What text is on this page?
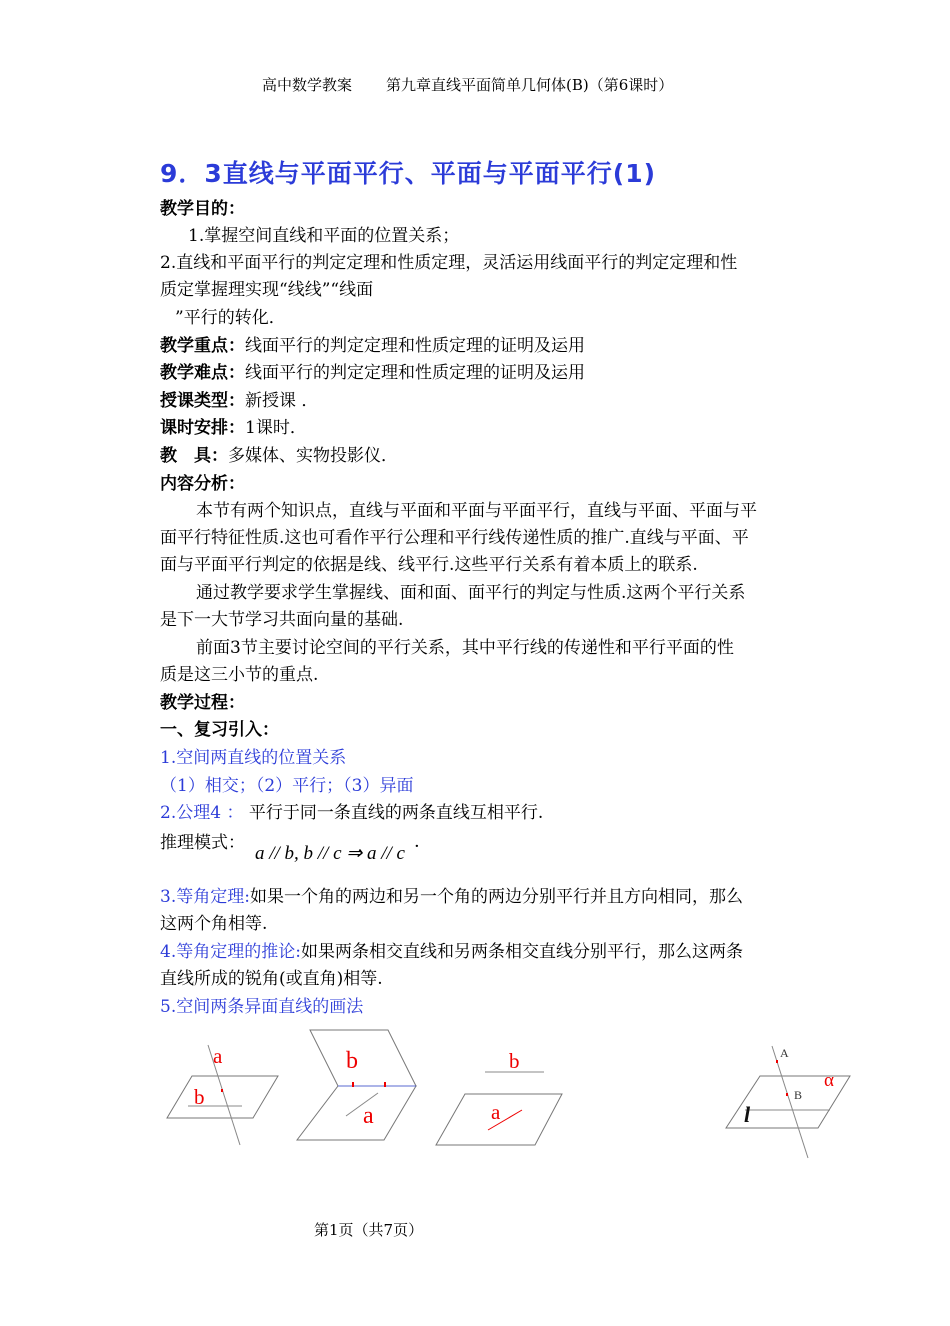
高中数学教案 第九章直线平面简单几何体(B)（第6课时）
9．3直线与平面平行、平面与平面平行(1)
教学目的：
1.掌握空间直线和平面的位置关系；
2.直线和平面平行的判定定理和性质定理，灵活运用线面平行的判定定理和性
质定掌握理实现“线线”“线面
”平行的转化．
教学重点：线面平行的判定定理和性质定理的证明及运用
教学难点：线面平行的判定定理和性质定理的证明及运用
授课类型：新授课 ．
课时安排：1课时．
教　具：多媒体、实物投影仪．
内容分析：
本节有两个知识点，直线与平面和平面与平面平行，直线与平面、平面与平
面平行特征性质.这也可看作平行公理和平行线传递性质的推广.直线与平面、平
面与平面平行判定的依据是线、线平行.这些平行关系有着本质上的联系.
通过教学要求学生掌握线、面和面、面平行的判定与性质.这两个平行关系
是下一大节学习共面向量的基础.
前面3节主要讨论空间的平行关系，其中平行线的传递性和平行平面的性
质是这三小节的重点.
教学过程：
一、复习引入：
1.空间两直线的位置关系
（1）相交；（2）平行；（3）异面
2.公理4 ： 平行于同一条直线的两条直线互相平行.
推理模式： a // b, b // c ⇒ a // c ·
3.等角定理:如果一个角的两边和另一个角的两边分别平行并且方向相同，那么
这两个角相等.
4.等角定理的推论:如果两条相交直线和另两条相交直线分别平行，那么这两条
直线所成的锐角(或直角)相等.
5.空间两条异面直线的画法
a
b
b
a
b
a
A
B
α
l
第1页（共7页）
